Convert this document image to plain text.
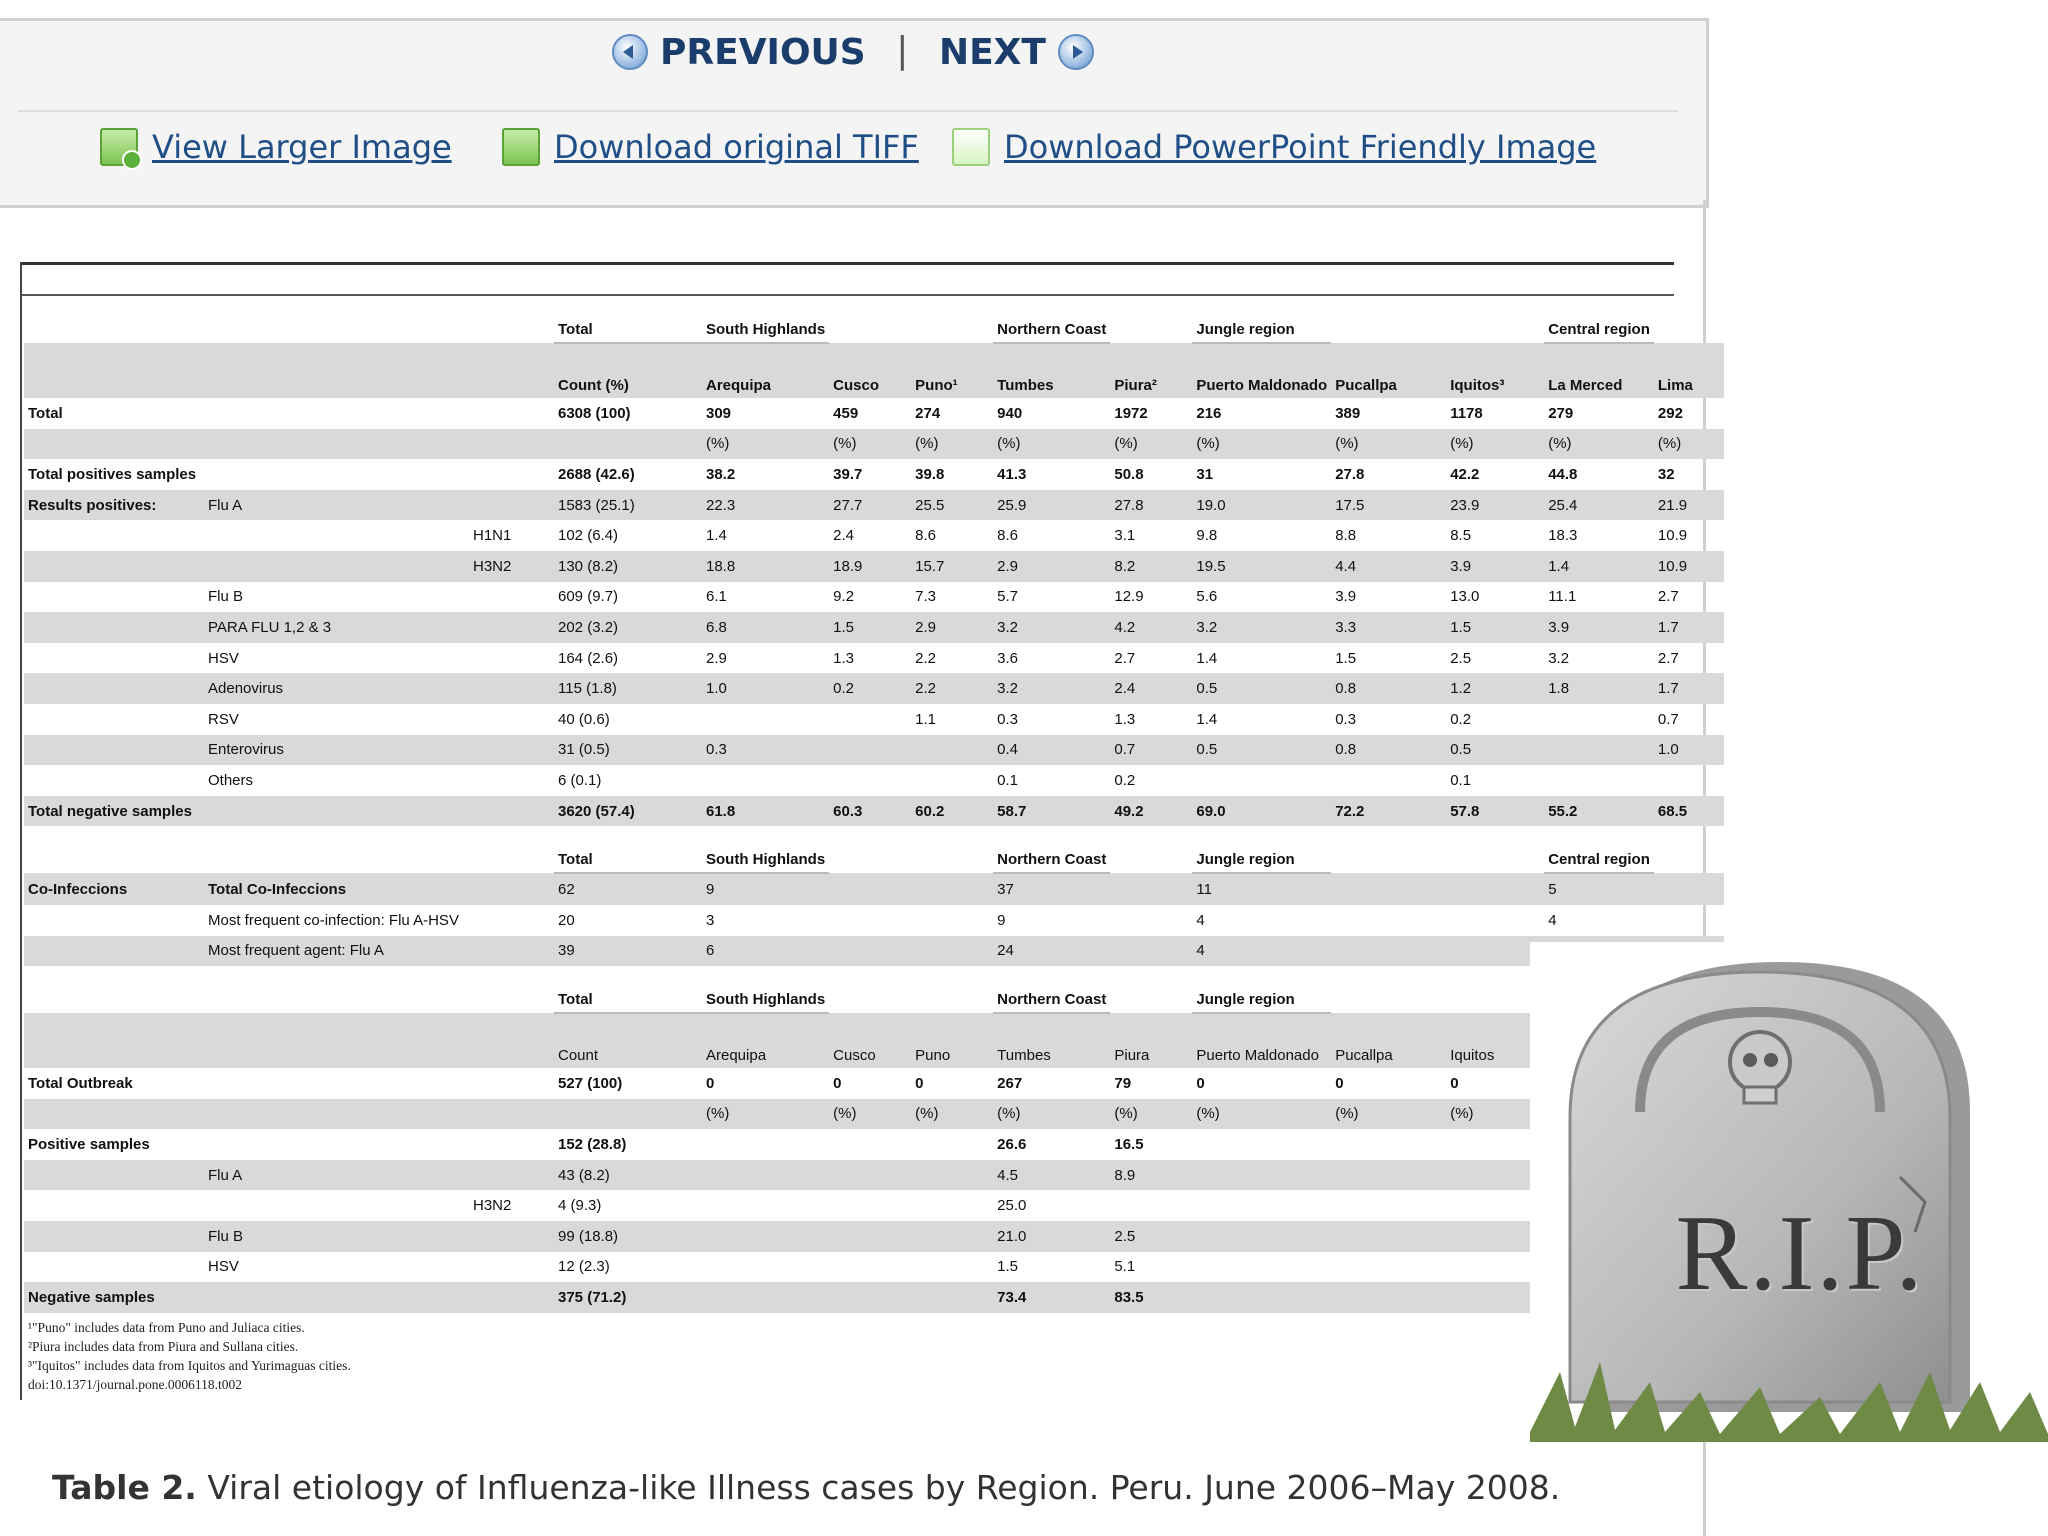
PREVIOUS | NEXT
View Larger Image	Download original TIFF	Download PowerPoint Friendly Image
			Total	South Highlands			Northern Coast		Jungle region			Central region	
			Count (%)	Arequipa	Cusco	Puno¹	Tumbes	Piura²	Puerto Maldonado	Pucallpa	Iquitos³	La Merced	Lima
Total			6308 (100)	309	459	274	940	1972	216	389	1178	279	292
				(%)	(%)	(%)	(%)	(%)	(%)	(%)	(%)	(%)	(%)
Total positives samples			2688 (42.6)	38.2	39.7	39.8	41.3	50.8	31	27.8	42.2	44.8	32
Results positives:	Flu A		1583 (25.1)	22.3	27.7	25.5	25.9	27.8	19.0	17.5	23.9	25.4	21.9
		H1N1	102 (6.4)	1.4	2.4	8.6	8.6	3.1	9.8	8.8	8.5	18.3	10.9
		H3N2	130 (8.2)	18.8	18.9	15.7	2.9	8.2	19.5	4.4	3.9	1.4	10.9
	Flu B		609 (9.7)	6.1	9.2	7.3	5.7	12.9	5.6	3.9	13.0	11.1	2.7
	PARA FLU 1,2 & 3		202 (3.2)	6.8	1.5	2.9	3.2	4.2	3.2	3.3	1.5	3.9	1.7
	HSV		164 (2.6)	2.9	1.3	2.2	3.6	2.7	1.4	1.5	2.5	3.2	2.7
	Adenovirus		115 (1.8)	1.0	0.2	2.2	3.2	2.4	0.5	0.8	1.2	1.8	1.7
	RSV		40 (0.6)			1.1	0.3	1.3	1.4	0.3	0.2		0.7
	Enterovirus		31 (0.5)	0.3			0.4	0.7	0.5	0.8	0.5		1.0
	Others		6 (0.1)				0.1	0.2			0.1		
Total negative samples			3620 (57.4)	61.8	60.3	60.2	58.7	49.2	69.0	72.2	57.8	55.2	68.5
			Total	South Highlands			Northern Coast		Jungle region			Central region	
Co-Infeccions	Total Co-Infeccions		62	9			37		11			5	
	Most frequent co-infection: Flu A-HSV		20	3			9		4			4	
	Most frequent agent: Flu A		39	6			24		4				
			Total	South Highlands			Northern Coast		Jungle region				
			Count	Arequipa	Cusco	Puno	Tumbes	Piura	Puerto Maldonado	Pucallpa	Iquitos		
Total Outbreak			527 (100)	0	0	0	267	79	0	0	0		
				(%)	(%)	(%)	(%)	(%)	(%)	(%)	(%)		
Positive samples			152 (28.8)				26.6	16.5					
	Flu A		43 (8.2)				4.5	8.9					
		H3N2	4 (9.3)				25.0						
	Flu B		99 (18.8)				21.0	2.5					
	HSV		12 (2.3)				1.5	5.1					
Negative samples			375 (71.2)				73.4	83.5					
¹"Puno" includes data from Puno and Juliaca cities.
²Piura includes data from Piura and Sullana cities.
³"Iquitos" includes data from Iquitos and Yurimaguas cities.
doi:10.1371/journal.pone.0006118.t002
Table 2. Viral etiology of Influenza-like Illness cases by Region. Peru. June 2006–May 2008.
R.I.P.
